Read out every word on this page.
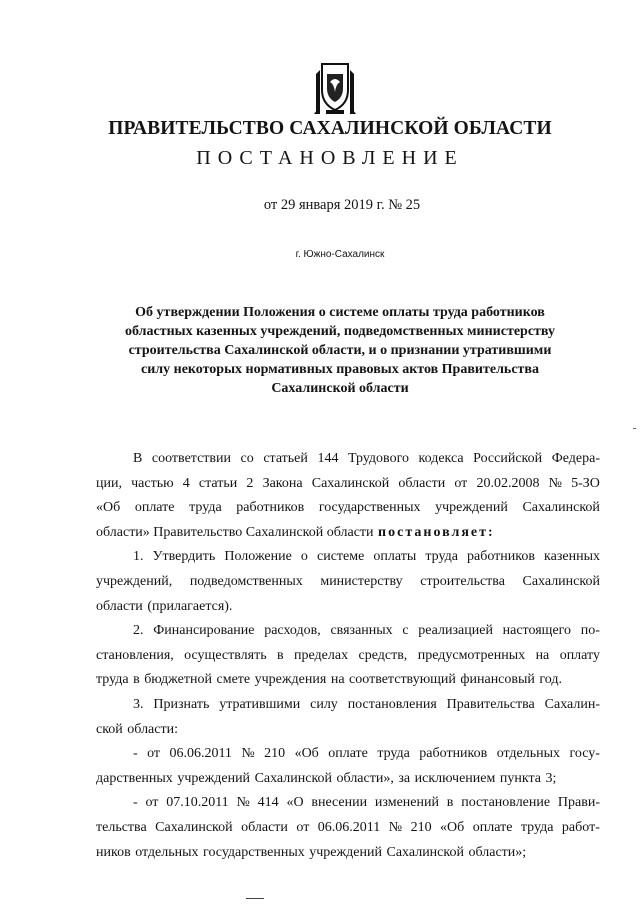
ПРАВИТЕЛЬСТВО САХАЛИНСКОЙ ОБЛАСТИ
ПОСТАНОВЛЕНИЕ
от 29 января 2019 г. № 25
г. Южно-Сахалинск
Об утверждении Положения о системе оплаты труда работников
областных казенных учреждений, подведомственных министерству
строительства Сахалинской области, и о признании утратившими
силу некоторых нормативных правовых актов Правительства
Сахалинской области
В соответствии со статьей 144 Трудового кодекса Российской Федера-
ции, частью 4 статьи 2 Закона Сахалинской области от 20.02.2008 № 5-ЗО
«Об оплате труда работников государственных учреждений Сахалинской
области» Правительство Сахалинской области постановляет:
1. Утвердить Положение о системе оплаты труда работников казенных
учреждений, подведомственных министерству строительства Сахалинской
области (прилагается).
2. Финансирование расходов, связанных с реализацией настоящего по-
становления, осуществлять в пределах средств, предусмотренных на оплату
труда в бюджетной смете учреждения на соответствующий финансовый год.
3. Признать утратившими силу постановления Правительства Сахалин-
ской области:
- от 06.06.2011 № 210 «Об оплате труда работников отдельных госу-
дарственных учреждений Сахалинской области», за исключением пункта 3;
- от 07.10.2011 № 414 «О внесении изменений в постановление Прави-
тельства Сахалинской области от 06.06.2011 № 210 «Об оплате труда работ-
ников отдельных государственных учреждений Сахалинской области»;
